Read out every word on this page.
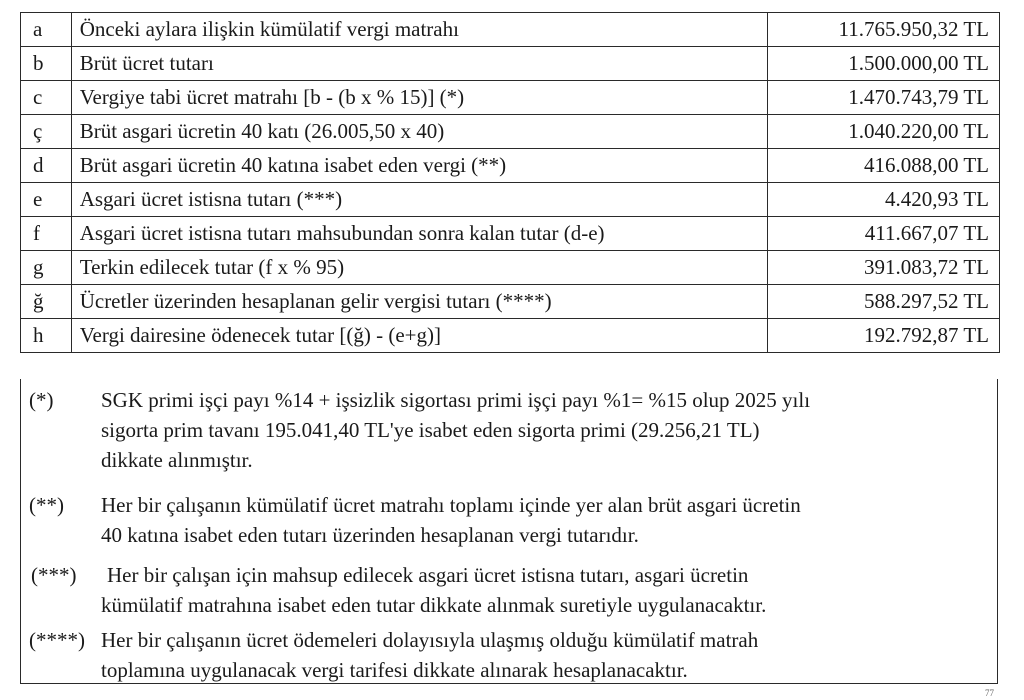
a	Önceki aylara ilişkin kümülatif vergi matrahı	11.765.950,32 TL
b	Brüt ücret tutarı	1.500.000,00 TL
c	Vergiye tabi ücret matrahı [b - (b x % 15)] (*)	1.470.743,79 TL
ç	Brüt asgari ücretin 40 katı (26.005,50 x 40)	1.040.220,00 TL
d	Brüt asgari ücretin 40 katına isabet eden vergi (**)	416.088,00 TL
e	Asgari ücret istisna tutarı (***)	4.420,93 TL
f	Asgari ücret istisna tutarı mahsubundan sonra kalan tutar (d-e)	411.667,07 TL
g	Terkin edilecek tutar (f x % 95)	391.083,72 TL
ğ	Ücretler üzerinden hesaplanan gelir vergisi tutarı (****)	588.297,52 TL
h	Vergi dairesine ödenecek tutar [(ğ) - (e+g)]	192.792,87 TL
(*) SGK primi işçi payı %14 + işsizlik sigortası primi işçi payı %1= %15 olup 2025 yılı
sigorta prim tavanı 195.041,40 TL'ye isabet eden sigorta primi (29.256,21 TL)
dikkate alınmıştır.
(**) Her bir çalışanın kümülatif ücret matrahı toplamı içinde yer alan brüt asgari ücretin
40 katına isabet eden tutarı üzerinden hesaplanan vergi tutarıdır.
(***) Her bir çalışan için mahsup edilecek asgari ücret istisna tutarı, asgari ücretin
kümülatif matrahına isabet eden tutar dikkate alınmak suretiyle uygulanacaktır.
(****) Her bir çalışanın ücret ödemeleri dolayısıyla ulaşmış olduğu kümülatif matrah
toplamına uygulanacak vergi tarifesi dikkate alınarak hesaplanacaktır.
77
